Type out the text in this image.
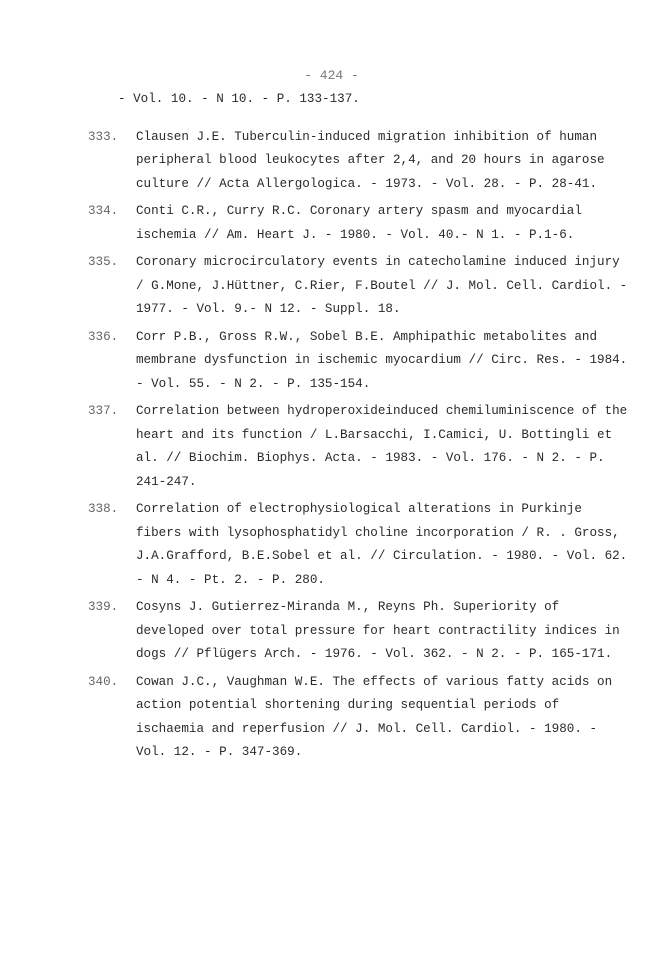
- 424 -
- Vol. 10. - N 10. - P. 133-137.
333.	Clausen J.E. Tuberculin-induced migration inhibition of human peripheral blood leukocytes after 2,4, and 20 hours in agarose culture // Acta Allergologica. - 1973. - Vol. 28. - P. 28-41.
334.	Conti C.R., Curry R.C. Coronary artery spasm and myocardial ischemia // Am. Heart J. - 1980. - Vol. 40.- N 1. - P.1-6.
335.	Coronary microcirculatory events in catecholamine induced injury / G.Mone, J.Hüttner, C.Rier, F.Boutel // J. Mol. Cell. Cardiol. - 1977. - Vol. 9.- N 12. - Suppl. 18.
336.	Corr P.B., Gross R.W., Sobel B.E. Amphipathic metabolites and membrane dysfunction in ischemic myocardium // Circ. Res. - 1984. - Vol. 55. - N 2. - P. 135-154.
337.	Correlation between hydroperoxideinduced chemiluminiscence of the heart and its function / L.Barsacchi, I.Camici, U. Bottingli et al. // Biochim. Biophys. Acta. - 1983. - Vol. 176. - N 2. - P. 241-247.
338.	Correlation of electrophysiological alterations in Purkinje fibers with lysophosphatidyl choline incorporation / R. . Gross, J.A.Grafford, B.E.Sobel et al. // Circulation. - 1980. - Vol. 62. - N 4. - Pt. 2. - P. 280.
339.	Cosyns J. Gutierrez-Miranda M., Reyns Ph. Superiority of developed over total pressure for heart contractility indices in dogs // Pflügers Arch. - 1976. - Vol. 362. - N 2. - P. 165-171.
340.	Cowan J.C., Vaughman W.E. The effects of various fatty acids on action potential shortening during sequential periods of ischaemia and reperfusion // J. Mol. Cell. Cardiol. - 1980. - Vol. 12. - P. 347-369.
